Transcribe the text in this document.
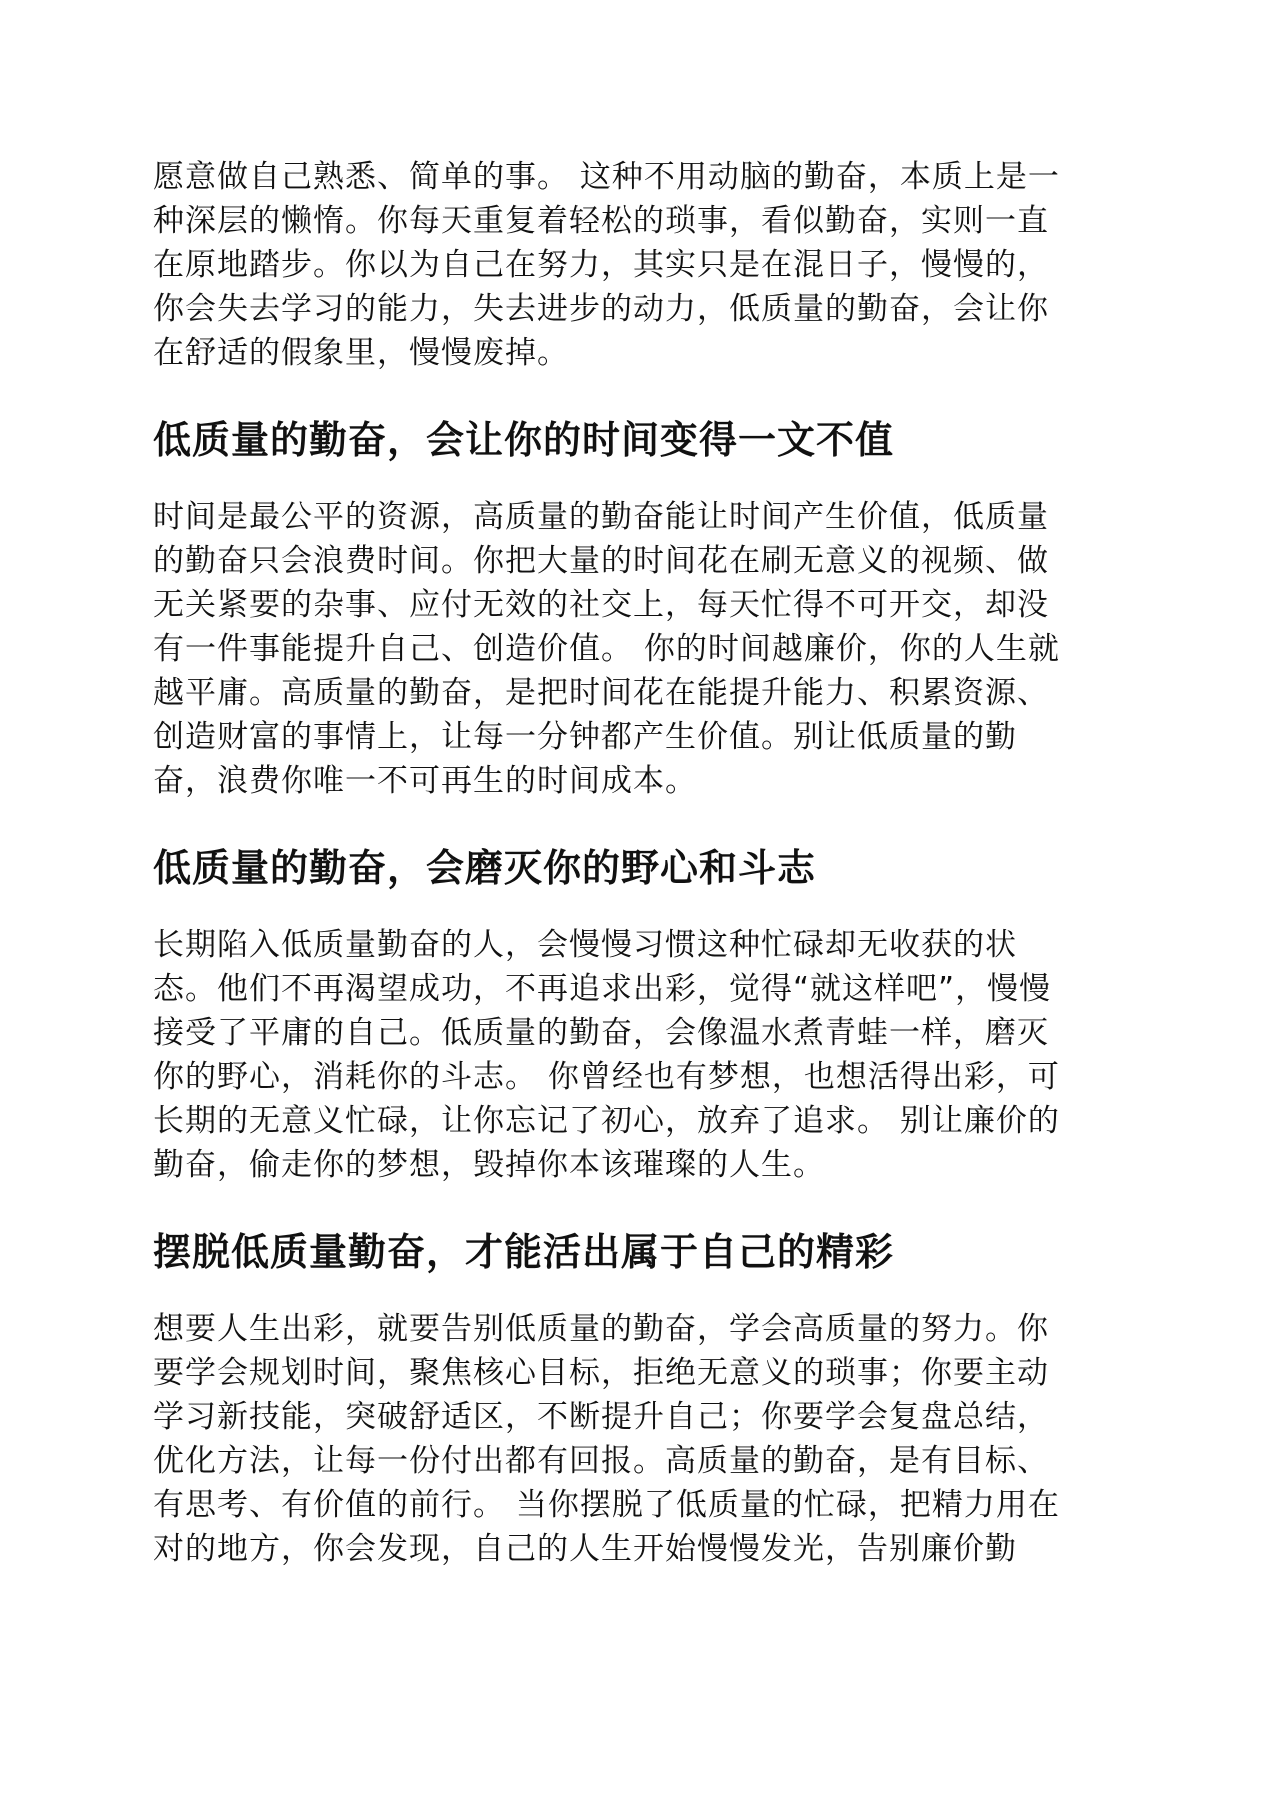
愿意做自己熟悉、简单的事。 这种不用动脑的勤奋，本质上是一
种深层的懒惰。你每天重复着轻松的琐事，看似勤奋，实则一直
在原地踏步。你以为自己在努力，其实只是在混日子，慢慢的，
你会失去学习的能力，失去进步的动力，低质量的勤奋，会让你
在舒适的假象里，慢慢废掉。

低质量的勤奋，会让你的时间变得一文不值

时间是最公平的资源，高质量的勤奋能让时间产生价值，低质量
的勤奋只会浪费时间。你把大量的时间花在刷无意义的视频、做
无关紧要的杂事、应付无效的社交上，每天忙得不可开交，却没
有一件事能提升自己、创造价值。 你的时间越廉价，你的人生就
越平庸。高质量的勤奋，是把时间花在能提升能力、积累资源、
创造财富的事情上，让每一分钟都产生价值。别让低质量的勤
奋，浪费你唯一不可再生的时间成本。

低质量的勤奋，会磨灭你的野心和斗志

长期陷入低质量勤奋的人，会慢慢习惯这种忙碌却无收获的状
态。他们不再渴望成功，不再追求出彩，觉得“就这样吧”，慢慢
接受了平庸的自己。低质量的勤奋，会像温水煮青蛙一样，磨灭
你的野心，消耗你的斗志。 你曾经也有梦想，也想活得出彩，可
长期的无意义忙碌，让你忘记了初心，放弃了追求。 别让廉价的
勤奋，偷走你的梦想，毁掉你本该璀璨的人生。

摆脱低质量勤奋，才能活出属于自己的精彩

想要人生出彩，就要告别低质量的勤奋，学会高质量的努力。你
要学会规划时间，聚焦核心目标，拒绝无意义的琐事；你要主动
学习新技能，突破舒适区，不断提升自己；你要学会复盘总结，
优化方法，让每一份付出都有回报。高质量的勤奋，是有目标、
有思考、有价值的前行。 当你摆脱了低质量的忙碌，把精力用在
对的地方，你会发现，自己的人生开始慢慢发光，告别廉价勤
